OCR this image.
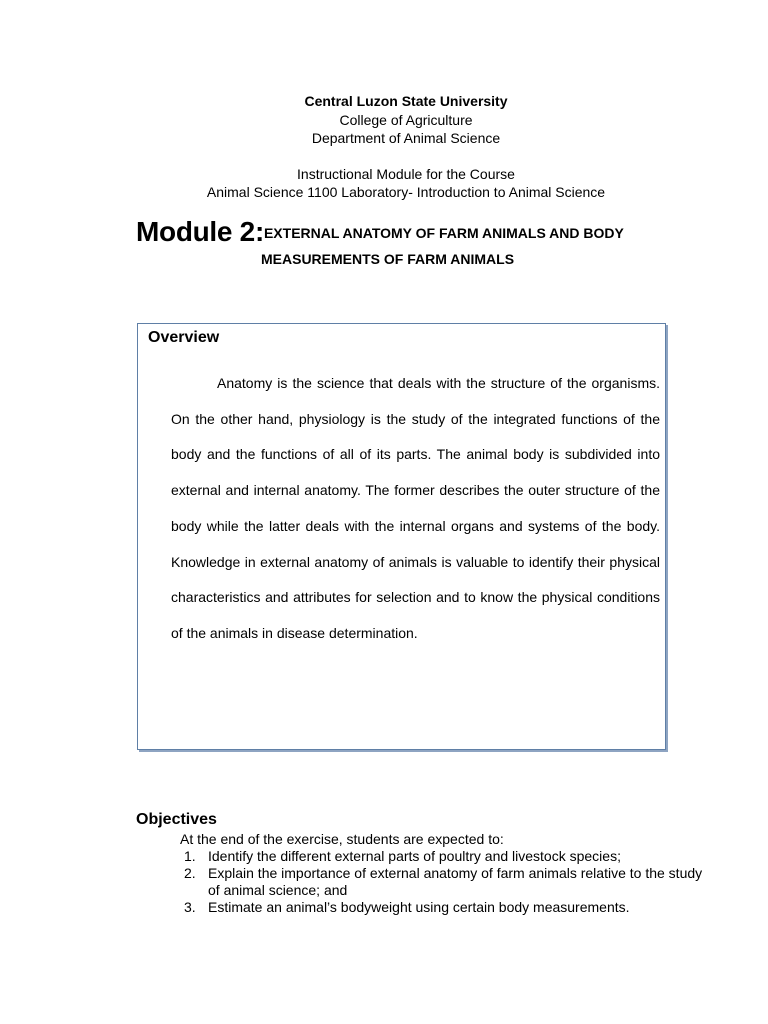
Central Luzon State University
College of Agriculture
Department of Animal Science
Instructional Module for the Course
Animal Science 1100 Laboratory- Introduction to Animal Science
Module 2:EXTERNAL ANATOMY OF FARM ANIMALS AND BODY
MEASUREMENTS OF FARM ANIMALS
Overview
Anatomy is the science that deals with the structure of the organisms. On the other hand, physiology is the study of the integrated functions of the body and the functions of all of its parts. The animal body is subdivided into external and internal anatomy. The former describes the outer structure of the body while the latter deals with the internal organs and systems of the body. Knowledge in external anatomy of animals is valuable to identify their physical characteristics and attributes for selection and to know the physical conditions of the animals in disease determination.
Objectives
At the end of the exercise, students are expected to:
1. Identify the different external parts of poultry and livestock species;
2. Explain the importance of external anatomy of farm animals relative to the study of animal science; and
3. Estimate an animal’s bodyweight using certain body measurements.
